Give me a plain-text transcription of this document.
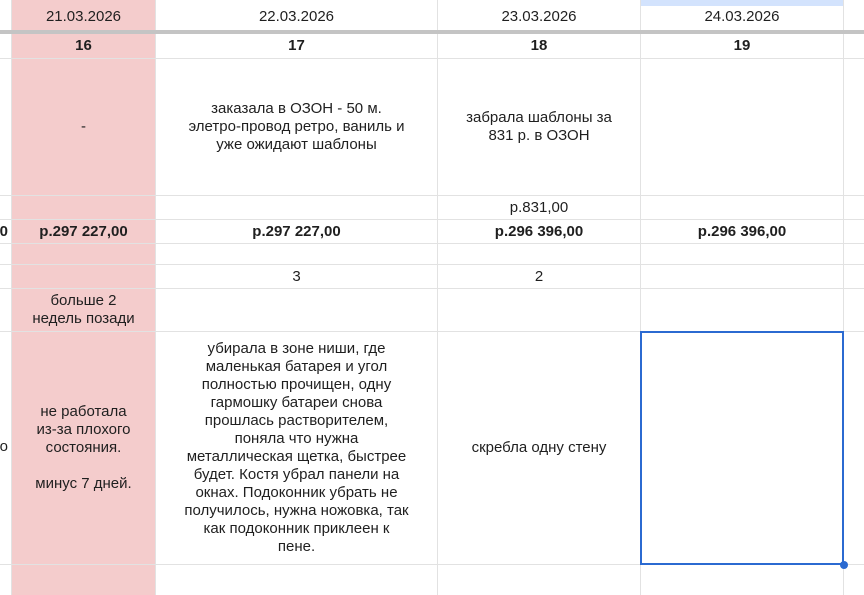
0
о
21.03.2026
16
-
р.297 227,00
больше 2
недель позади
не работала
из-за плохого
состояния.

минус 7 дней.
22.03.2026
17
заказала в ОЗОН - 50 м.
элетро-провод ретро, ваниль и
уже ожидают шаблоны
р.297 227,00
3
убирала в зоне ниши, где
маленькая батарея и угол
полностью прочищен, одну
гармошку батареи снова
прошлась растворителем,
поняла что нужна
металлическая щетка, быстрее
будет. Костя убрал панели на
окнах. Подоконник убрать не
получилось, нужна ножовка, так
как подоконник приклеен к
пене.
23.03.2026
18
забрала шаблоны за
831 р. в ОЗОН
р.831,00
р.296 396,00
2
скребла одну стену
24.03.2026
19
р.296 396,00
